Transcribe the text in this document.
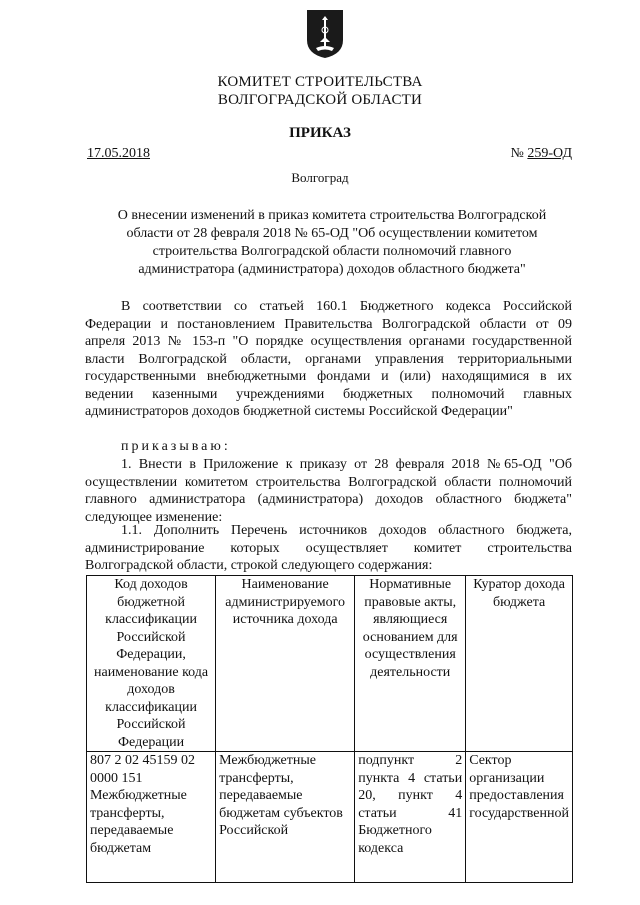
КОМИТЕТ СТРОИТЕЛЬСТВА
ВОЛГОГРАДСКОЙ ОБЛАСТИ
ПРИКАЗ
17.05.2018	№ 259-ОД
Волгоград
О внесении изменений в приказ комитета строительства Волгоградской области от 28 февраля 2018 № 65-ОД "Об осуществлении комитетом строительства Волгоградской области полномочий главного администратора (администратора) доходов областного бюджета"
В соответствии со статьей 160.1 Бюджетного кодекса Российской Федерации и постановлением Правительства Волгоградской области от 09 апреля 2013 № 153-п "О порядке осуществления органами государственной власти Волгоградской области, органами управления территориальными государственными внебюджетными фондами и (или) находящимися в их ведении казенными учреждениями бюджетных полномочий главных администраторов доходов бюджетной системы Российской Федерации"
приказываю:
1. Внести в Приложение к приказу от 28 февраля 2018 №65-ОД "Об осуществлении комитетом строительства Волгоградской области полномочий главного администратора (администратора) доходов областного бюджета" следующее изменение:
1.1. Дополнить Перечень источников доходов областного бюджета, администрирование которых осуществляет комитет строительства Волгоградской области, строкой следующего содержания:
Код доходов бюджетной классификации Российской Федерации, наименование кода доходов классификации Российской Федерации	Наименование администрируемого источника дохода	Нормативные правовые акты, являющиеся основанием для осуществления деятельности	Куратор дохода бюджета
807 2 02 45159 02 0000 151 Межбюджетные трансферты, передаваемые бюджетам	Межбюджетные трансферты, передаваемые бюджетам субъектов Российской	подпункт 2 пункта 4 статьи 20, пункт 4 статьи 41 Бюджетного кодекса	Сектор организации предоставления государственной
